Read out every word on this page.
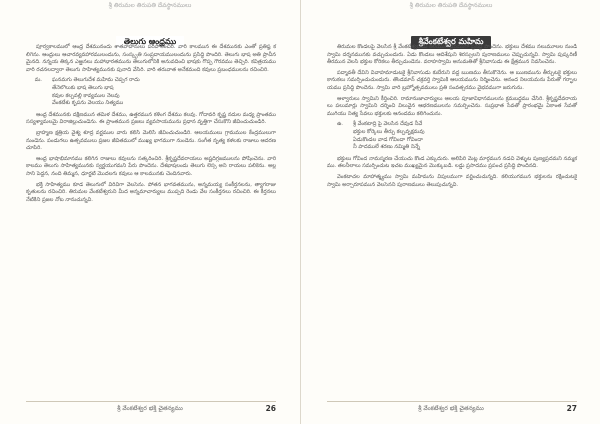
శ్రీ తిరుమల తిరుపతి దేవస్థానములు
తెలుగు ఆంధ్రము

పూర్వకాలములో ఆంధ్ర దేశమునందు శాతవాహనులు పరిపాలించిరి. వారి కాలమున ఈ దేశమునకు ఎంతో ప్రతిష్ఠ కలిగెను. ఆంధ్రులు ఆచారవ్యవహారములందును, సంస్కృతి సంప్రదాయములందును ప్రసిద్ధి పొందిరి. తెలుగు భాష అతి ప్రాచీనమైనది. నన్నయ తిక్కన ఎఱ్ఱనలు మహాభారతమును తెలుగులోనికి అనువదించి భాషకు గొప్ప గౌరవము తెచ్చిరి. కవిత్రయము వారి రచనలద్వారా తెలుగు సాహిత్యమునకు పునాది వేసిరి. వారి తరువాత అనేకమంది కవులు ప్రబంధములను రచించిరి.

మ. ఘనమగు తెలుగుదేశ మహిమ చెప్పగ రాదు
తేనెలొలుకు భాష తెలుగు భాష
కవుల కల్పవల్లి కావ్యముల నెలవు
వేంకటేశు కృపను వెలయు నిత్యము

ఆంధ్ర దేశమునకు దక్షిణమున తమిళ దేశము, ఉత్తరమున కళింగ దేశము కలవు. గోదావరి కృష్ణ నదుల మధ్య ప్రాంతము సస్యశ్యామలమై విరాజిల్లుచుండెను. ఈ ప్రాంతమున ప్రజలు వ్యవసాయమును ప్రధాన వృత్తిగా చేసుకొని జీవించుచుండిరి.

బ్రాహ్మణ క్షత్రియ వైశ్య శూద్ర వర్ణముల వారు కలిసి మెలిసి జీవించుచుండిరి. ఆలయములు గ్రామముల కేంద్రములుగా నుండెను. పండుగలు ఉత్సవములు ప్రజల జీవితములో ముఖ్య భాగముగా నుండెను. సంగీత నృత్య కళలకు రాజులు ఆదరణ చూపిరి.

ఆంధ్ర భాషాభిమానము కలిగిన రాజులు కవులను సత్కరించిరి. శ్రీకృష్ణదేవరాయలు అష్టదిగ్గజములను పోషించెను. వారి కాలము తెలుగు సాహిత్యమునకు స్వర్ణయుగమని పేరు పొందెను. దేశభాషలందు తెలుగు లెస్స అని రాయలు పలికెను. అల్లసాని పెద్దన, నంది తిమ్మన, ధూర్జటి మొదలగు కవులు ఆ కాలమునకు చెందినవారు.

భక్తి సాహిత్యము కూడ తెలుగులో విరివిగా వెలసెను. పోతన భాగవతమును, అన్నమయ్య సంకీర్తనలను, త్యాగరాజు కృతులను రచించిరి. తిరుమల వేంకటేశ్వరుని మీద అన్నమాచార్యులు ముప్పది రెండు వేల సంకీర్తనలు రచించిరి. ఈ కీర్తనలు నేటికిని ప్రజల నోట నానుచున్నవి.

శ్రీ వేంకటేశ్వర భక్తి చైతన్యము	26
శ్రీ తిరుమల తిరుపతి దేవస్థానములు
శ్రీవేంకటేశ్వర మహిమ

తిరుమల కొండలపై వెలసిన శ్రీ వేంకటేశ్వరుడు కలియుగ దైవముగా ప్రసిద్ధి పొందెను. భక్తులు దేశము నలుమూలల నుండి స్వామి దర్శనమునకు వచ్చుచుందురు. ఏడు కొండలు ఆదిశేషుని శిరస్సులని పురాణములు చెప్పుచున్నవి. స్వామి పుష్కరిణీ తీరమున వెలసి భక్తుల కోరికలు తీర్చుచుండెను. వరాహస్వామి అనుమతితో శ్రీనివాసుడు ఈ క్షేత్రమున నివసించెను.

పద్మావతీ దేవిని వివాహమాడుటకై శ్రీనివాసుడు కుబేరుని వద్ద ఋణము తీసుకొనెను. ఆ ఋణమును తీర్చుటకై భక్తులు కానుకలు సమర్పించుచుందురు. తొండమాన్ చక్రవర్తి స్వామికి ఆలయమును నిర్మించెను. ఆనంద నిలయమను పేరుతో గర్భాలయము ప్రసిద్ధి పొందెను. స్వామి వారి బ్రహ్మోత్సవములు ప్రతి సంవత్సరము వైభవముగా జరుగును.

ఆళ్వారులు స్వామిని కీర్తించిరి. రామానుజాచార్యులు ఆలయ పూజావిధానములను క్రమబద్ధము చేసిరి. శ్రీకృష్ణదేవరాయలు పలుమార్లు స్వామిని దర్శించి విలువైన ఆభరణములను సమర్పించెను. సుప్రభాత సేవతో ప్రారంభమై ఏకాంత సేవతో ముగియు నిత్య సేవలు భక్తులకు ఆనందము కలిగించును.

ఉ. శ్రీ వేంకటాద్రి పై వెలసిన దేవుడ నీవే
భక్తుల కోర్కెలు తీర్చు కల్పవృక్షమవు
ఏడుకొండల వాడ గోవిందా గోవిందా
నీ పాదములే శరణు నమ్మితి నిన్నే

భక్తులు గోవింద నామస్మరణ చేయుచు కొండ ఎక్కుదురు. అలిపిరి మెట్ల మార్గమున నడచి వెళ్ళుట పుణ్యప్రదమని నమ్మకము. తలనీలాలు సమర్పించుట ఇచట ముఖ్యమైన మొక్కుబడి. లడ్డు ప్రసాదము ప్రపంచ ప్రసిద్ధి పొందినది.

వెంకటాచల మాహాత్మ్యము స్వామి మహిమను విపులముగా వర్ణించుచున్నది. కలియుగమున భక్తులను రక్షించుటకై స్వామి అర్చారూపమున వెలసెనని పురాణములు తెలుపుచున్నవి.

శ్రీ వేంకటేశ్వర భక్తి చైతన్యము	27
